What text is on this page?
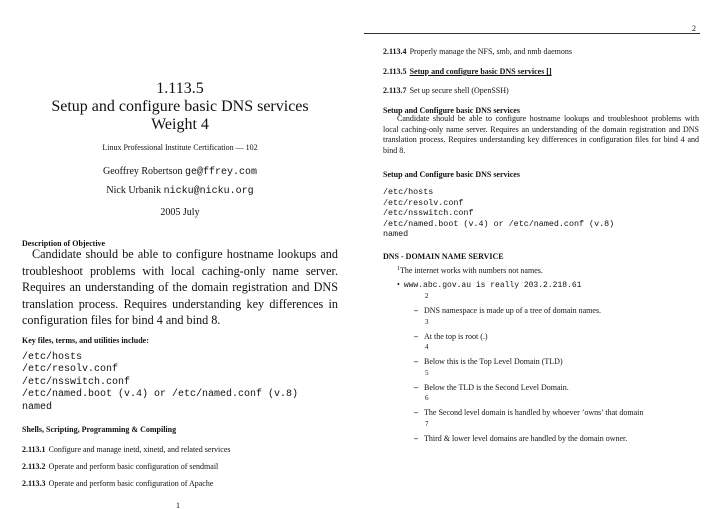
2
1.113.5
Setup and configure basic DNS services
Weight 4
Linux Professional Institute Certification — 102
Geoffrey Robertson ge@ffrey.com
Nick Urbanik nicku@nicku.org
2005 July
Description of Objective
Candidate should be able to configure hostname lookups and troubleshoot problems with local caching-only name server. Requires an understanding of the domain registration and DNS translation process. Requires understanding key differences in configuration files for bind 4 and bind 8.
Key files, terms, and utilities include:
/etc/hosts
/etc/resolv.conf
/etc/nsswitch.conf
/etc/named.boot (v.4) or /etc/named.conf (v.8)
named
Shells, Scripting, Programming & Compiling
2.113.1 Configure and manage inetd, xinetd, and related services
2.113.2 Operate and perform basic configuration of sendmail
2.113.3 Operate and perform basic configuration of Apache
1
2.113.4 Properly manage the NFS, smb, and nmb daemons
2.113.5 Setup and configure basic DNS services []
2.113.7 Set up secure shell (OpenSSH)
Setup and Configure basic DNS services
Candidate should be able to configure hostname lookups and troubleshoot problems with local caching-only name server. Requires an understanding of the domain registration and DNS translation process. Requires understanding key differences in configuration files for bind 4 and bind 8.
Setup and Configure basic DNS services
/etc/hosts
/etc/resolv.conf
/etc/nsswitch.conf
/etc/named.boot (v.4) or /etc/named.conf (v.8)
named
DNS - DOMAIN NAME SERVICE
$^1$The internet works with numbers not names.
• www.abc.gov.au is really 203.2.218.61
2
– DNS namespace is made up of a tree of domain names.
3
– At the top is root (.)
4
– Below this is the Top Level Domain (TLD)
5
– Below the TLD is the Second Level Domain.
6
– The Second level domain is handled by whoever ’owns’ that domain
7
– Third & lower level domains are handled by the domain owner.
